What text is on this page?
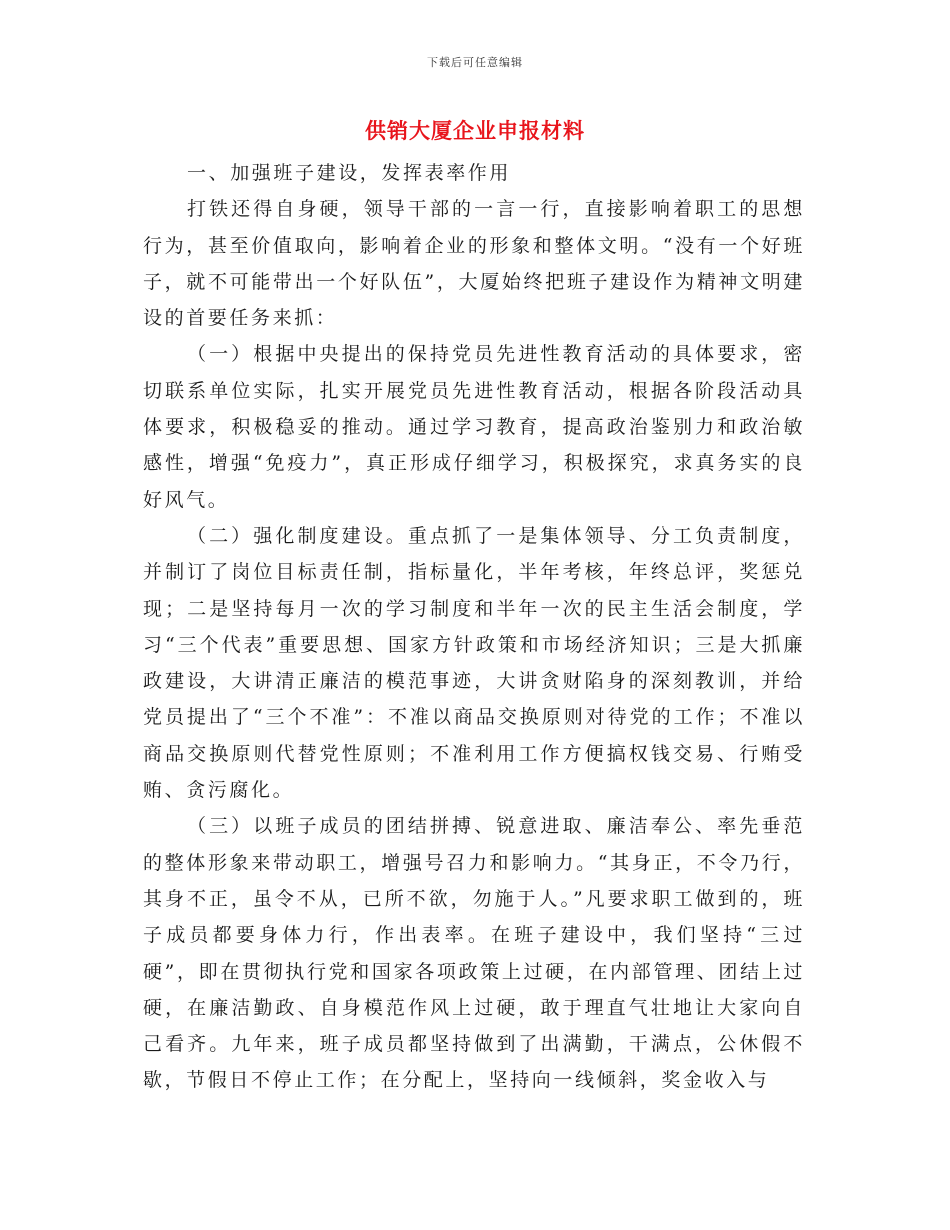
下载后可任意编辑
供销大厦企业申报材料

一、加强班子建设，发挥表率作用

打铁还得自身硬，领导干部的一言一行，直接影响着职工的思想行为，甚至价值取向，影响着企业的形象和整体文明。“没有一个好班子，就不可能带出一个好队伍”，大厦始终把班子建设作为精神文明建设的首要任务来抓：

（一）根据中央提出的保持党员先进性教育活动的具体要求，密切联系单位实际，扎实开展党员先进性教育活动，根据各阶段活动具体要求，积极稳妥的推动。通过学习教育，提高政治鉴别力和政治敏感性，增强“免疫力”，真正形成仔细学习，积极探究，求真务实的良好风气。

（二）强化制度建设。重点抓了一是集体领导、分工负责制度，并制订了岗位目标责任制，指标量化，半年考核，年终总评，奖惩兑现；二是坚持每月一次的学习制度和半年一次的民主生活会制度，学习“三个代表”重要思想、国家方针政策和市场经济知识；三是大抓廉政建设，大讲清正廉洁的模范事迹，大讲贪财陷身的深刻教训，并给党员提出了“三个不准”：不准以商品交换原则对待党的工作；不准以商品交换原则代替党性原则；不准利用工作方便搞权钱交易、行贿受贿、贪污腐化。

（三）以班子成员的团结拼搏、锐意进取、廉洁奉公、率先垂范的整体形象来带动职工，增强号召力和影响力。“其身正，不令乃行，其身不正，虽令不从，已所不欲，勿施于人。”凡要求职工做到的，班子成员都要身体力行，作出表率。在班子建设中，我们坚持“三过硬”，即在贯彻执行党和国家各项政策上过硬，在内部管理、团结上过硬，在廉洁勤政、自身模范作风上过硬，敢于理直气壮地让大家向自己看齐。九年来，班子成员都坚持做到了出满勤，干满点，公休假不歇，节假日不停止工作；在分配上，坚持向一线倾斜，奖金收入与
